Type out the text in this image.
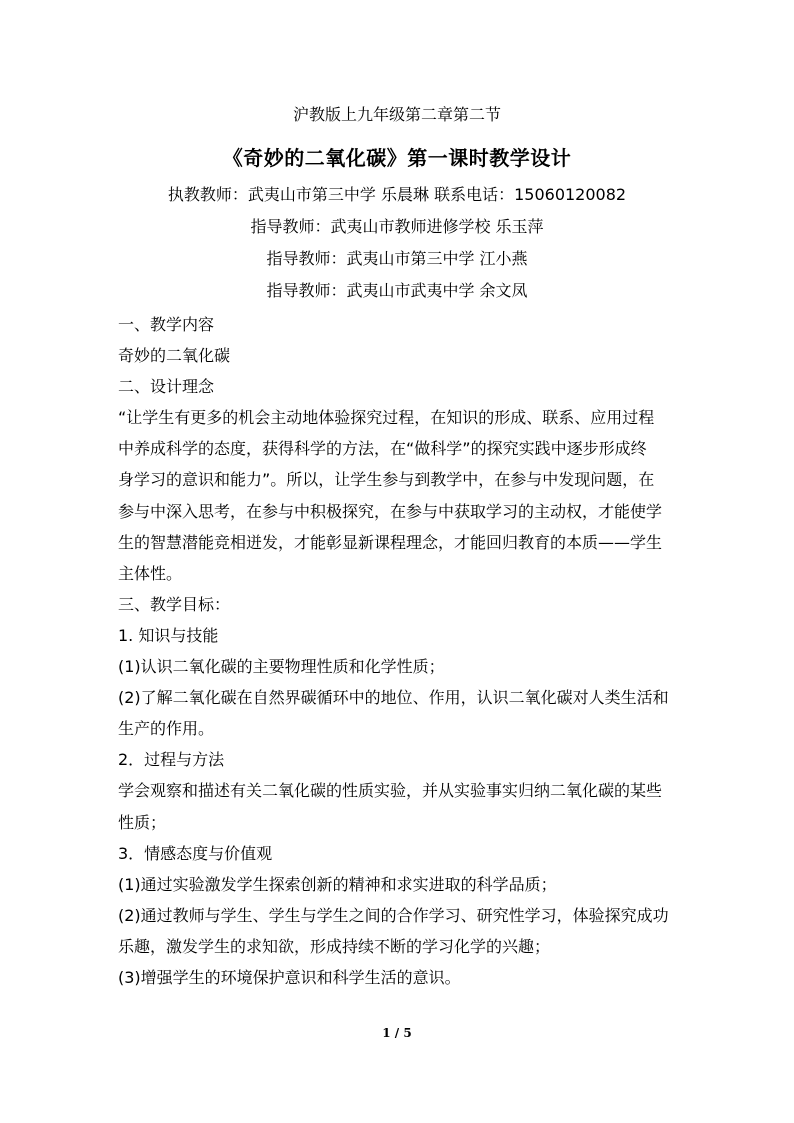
沪教版上九年级第二章第二节
《奇妙的二氧化碳》第一课时教学设计
执教教师：武夷山市第三中学 乐晨琳 联系电话：15060120082
指导教师：武夷山市教师进修学校 乐玉萍
指导教师：武夷山市第三中学 江小燕
指导教师：武夷山市武夷中学 余文凤
一、教学内容
奇妙的二氧化碳
二、设计理念
“让学生有更多的机会主动地体验探究过程，在知识的形成、联系、应用过程
中养成科学的态度，获得科学的方法，在“做科学”的探究实践中逐步形成终
身学习的意识和能力”。所以，让学生参与到教学中，在参与中发现问题，在
参与中深入思考，在参与中积极探究，在参与中获取学习的主动权，才能使学
生的智慧潜能竞相迸发，才能彰显新课程理念，才能回归教育的本质——学生
主体性。
三、教学目标：
1. 知识与技能
(1)认识二氧化碳的主要物理性质和化学性质；
(2)了解二氧化碳在自然界碳循环中的地位、作用，认识二氧化碳对人类生活和
生产的作用。
2．过程与方法
学会观察和描述有关二氧化碳的性质实验，并从实验事实归纳二氧化碳的某些
性质；
3．情感态度与价值观
(1)通过实验激发学生探索创新的精神和求实进取的科学品质；
(2)通过教师与学生、学生与学生之间的合作学习、研究性学习，体验探究成功
乐趣，激发学生的求知欲，形成持续不断的学习化学的兴趣；
(3)增强学生的环境保护意识和科学生活的意识。
1 / 5
